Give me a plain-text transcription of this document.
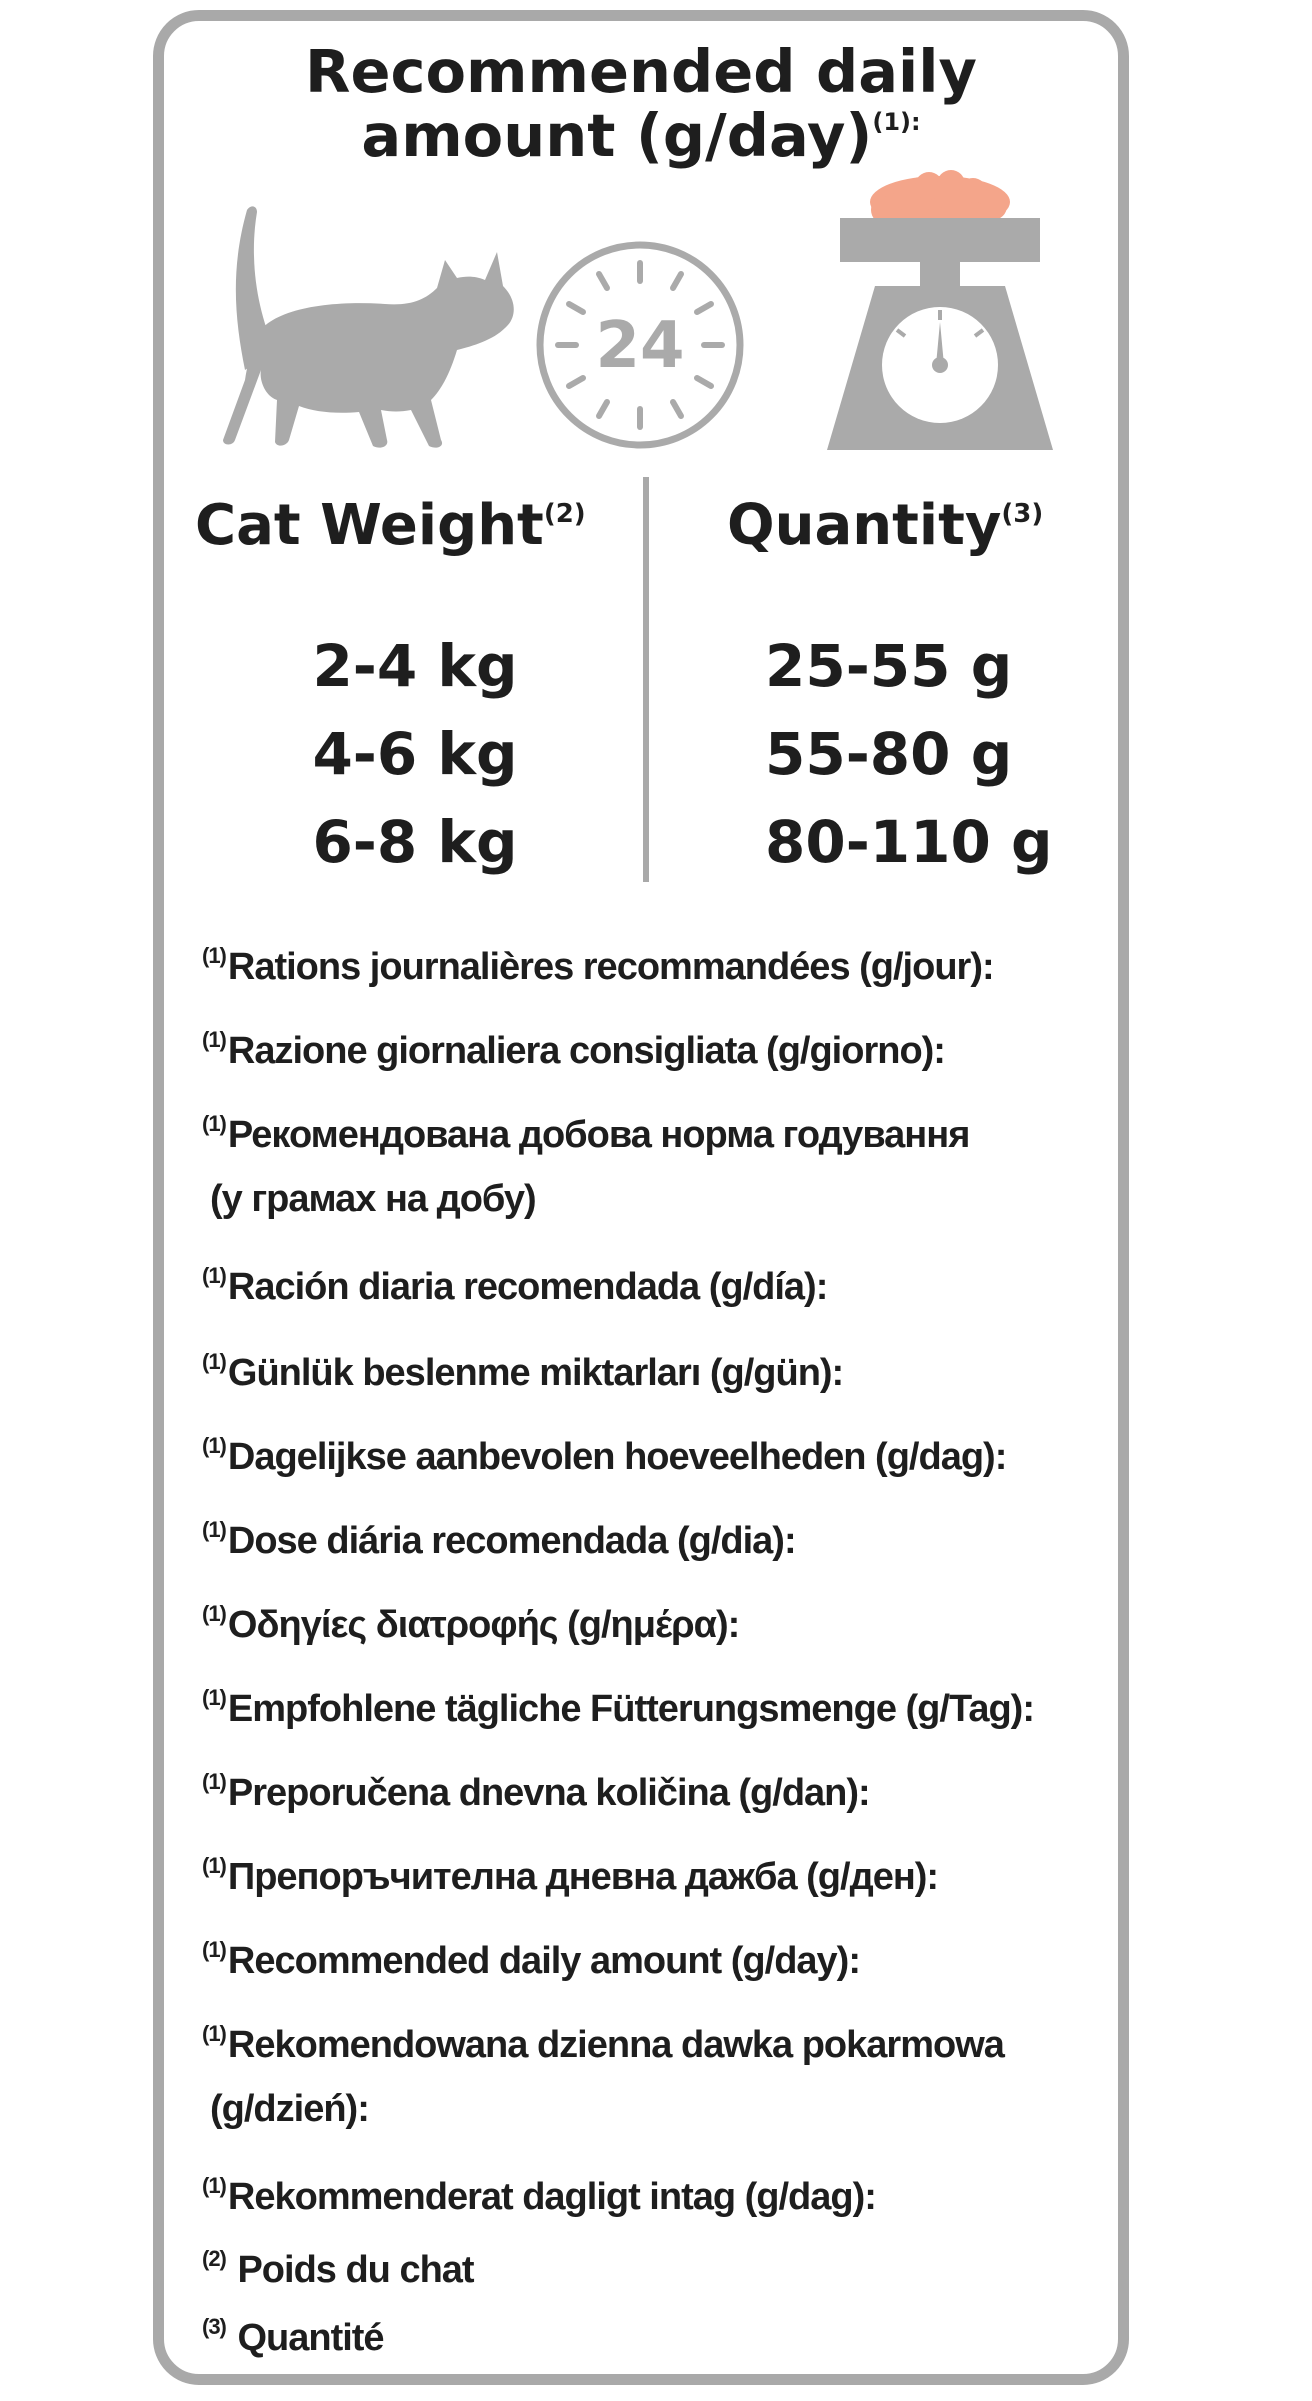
Recommended daily
amount $(g/day)^{(1):}$
24
Cat Weight$^{(2)}$	Quantity$^{(3)}$
2-4 kg
4-6 kg
6-8 kg
25-55 g
55-80 g
80-110 g
$^{(1)}$Rations journalières recommandées (g/jour):
$^{(1)}$Razione giornaliera consigliata (g/giorno):
$^{(1)}$Рекомендована добова норма годування
(у грамах на добу)
$^{(1)}$Ración diaria recomendada (g/día):
$^{(1)}$Günlük beslenme miktarları (g/gün):
$^{(1)}$Dagelijkse aanbevolen hoeveelheden (g/dag):
$^{(1)}$Dose diária recomendada (g/dia):
$^{(1)}$Οδηγίες διατροφής (g/ημέρα):
$^{(1)}$Empfohlene tägliche Fütterungsmenge (g/Tag):
$^{(1)}$Preporučena dnevna količina (g/dan):
$^{(1)}$Препоръчителна дневна дажба (g/ден):
$^{(1)}$Recommended daily amount (g/day):
$^{(1)}$Rekomendowana dzienna dawka pokarmowa
(g/dzień):
$^{(1)}$Rekommenderat dagligt intag (g/dag):
$^{(2)}$ Poids du chat
$^{(3)}$ Quantité
